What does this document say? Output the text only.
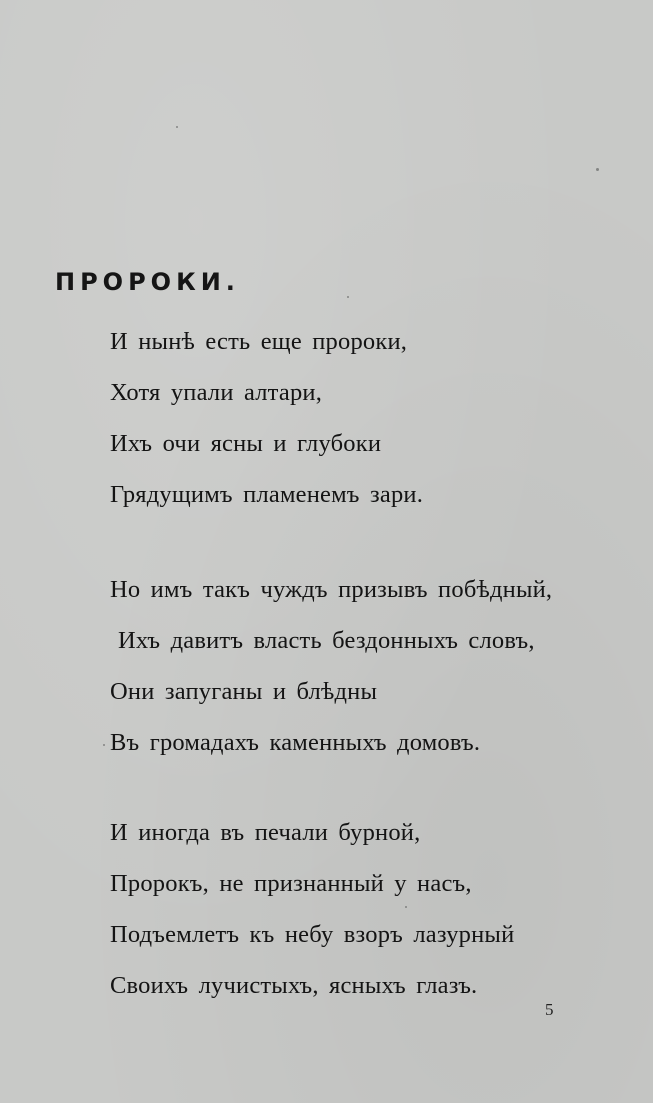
ПРОРОКИ.
И нынѣ есть еще пророки,
Хотя упали алтари,
Ихъ очи ясны и глубоки
Грядущимъ пламенемъ зари.
Но имъ такъ чуждъ призывъ побѣдный,
Ихъ давитъ власть бездонныхъ словъ,
Они запуганы и блѣдны
Въ громадахъ каменныхъ домовъ.
И иногда въ печали бурной,
Пророкъ, не признанный у насъ,
Подъемлетъ къ небу взоръ лазурный
Своихъ лучистыхъ, ясныхъ глазъ.
5
